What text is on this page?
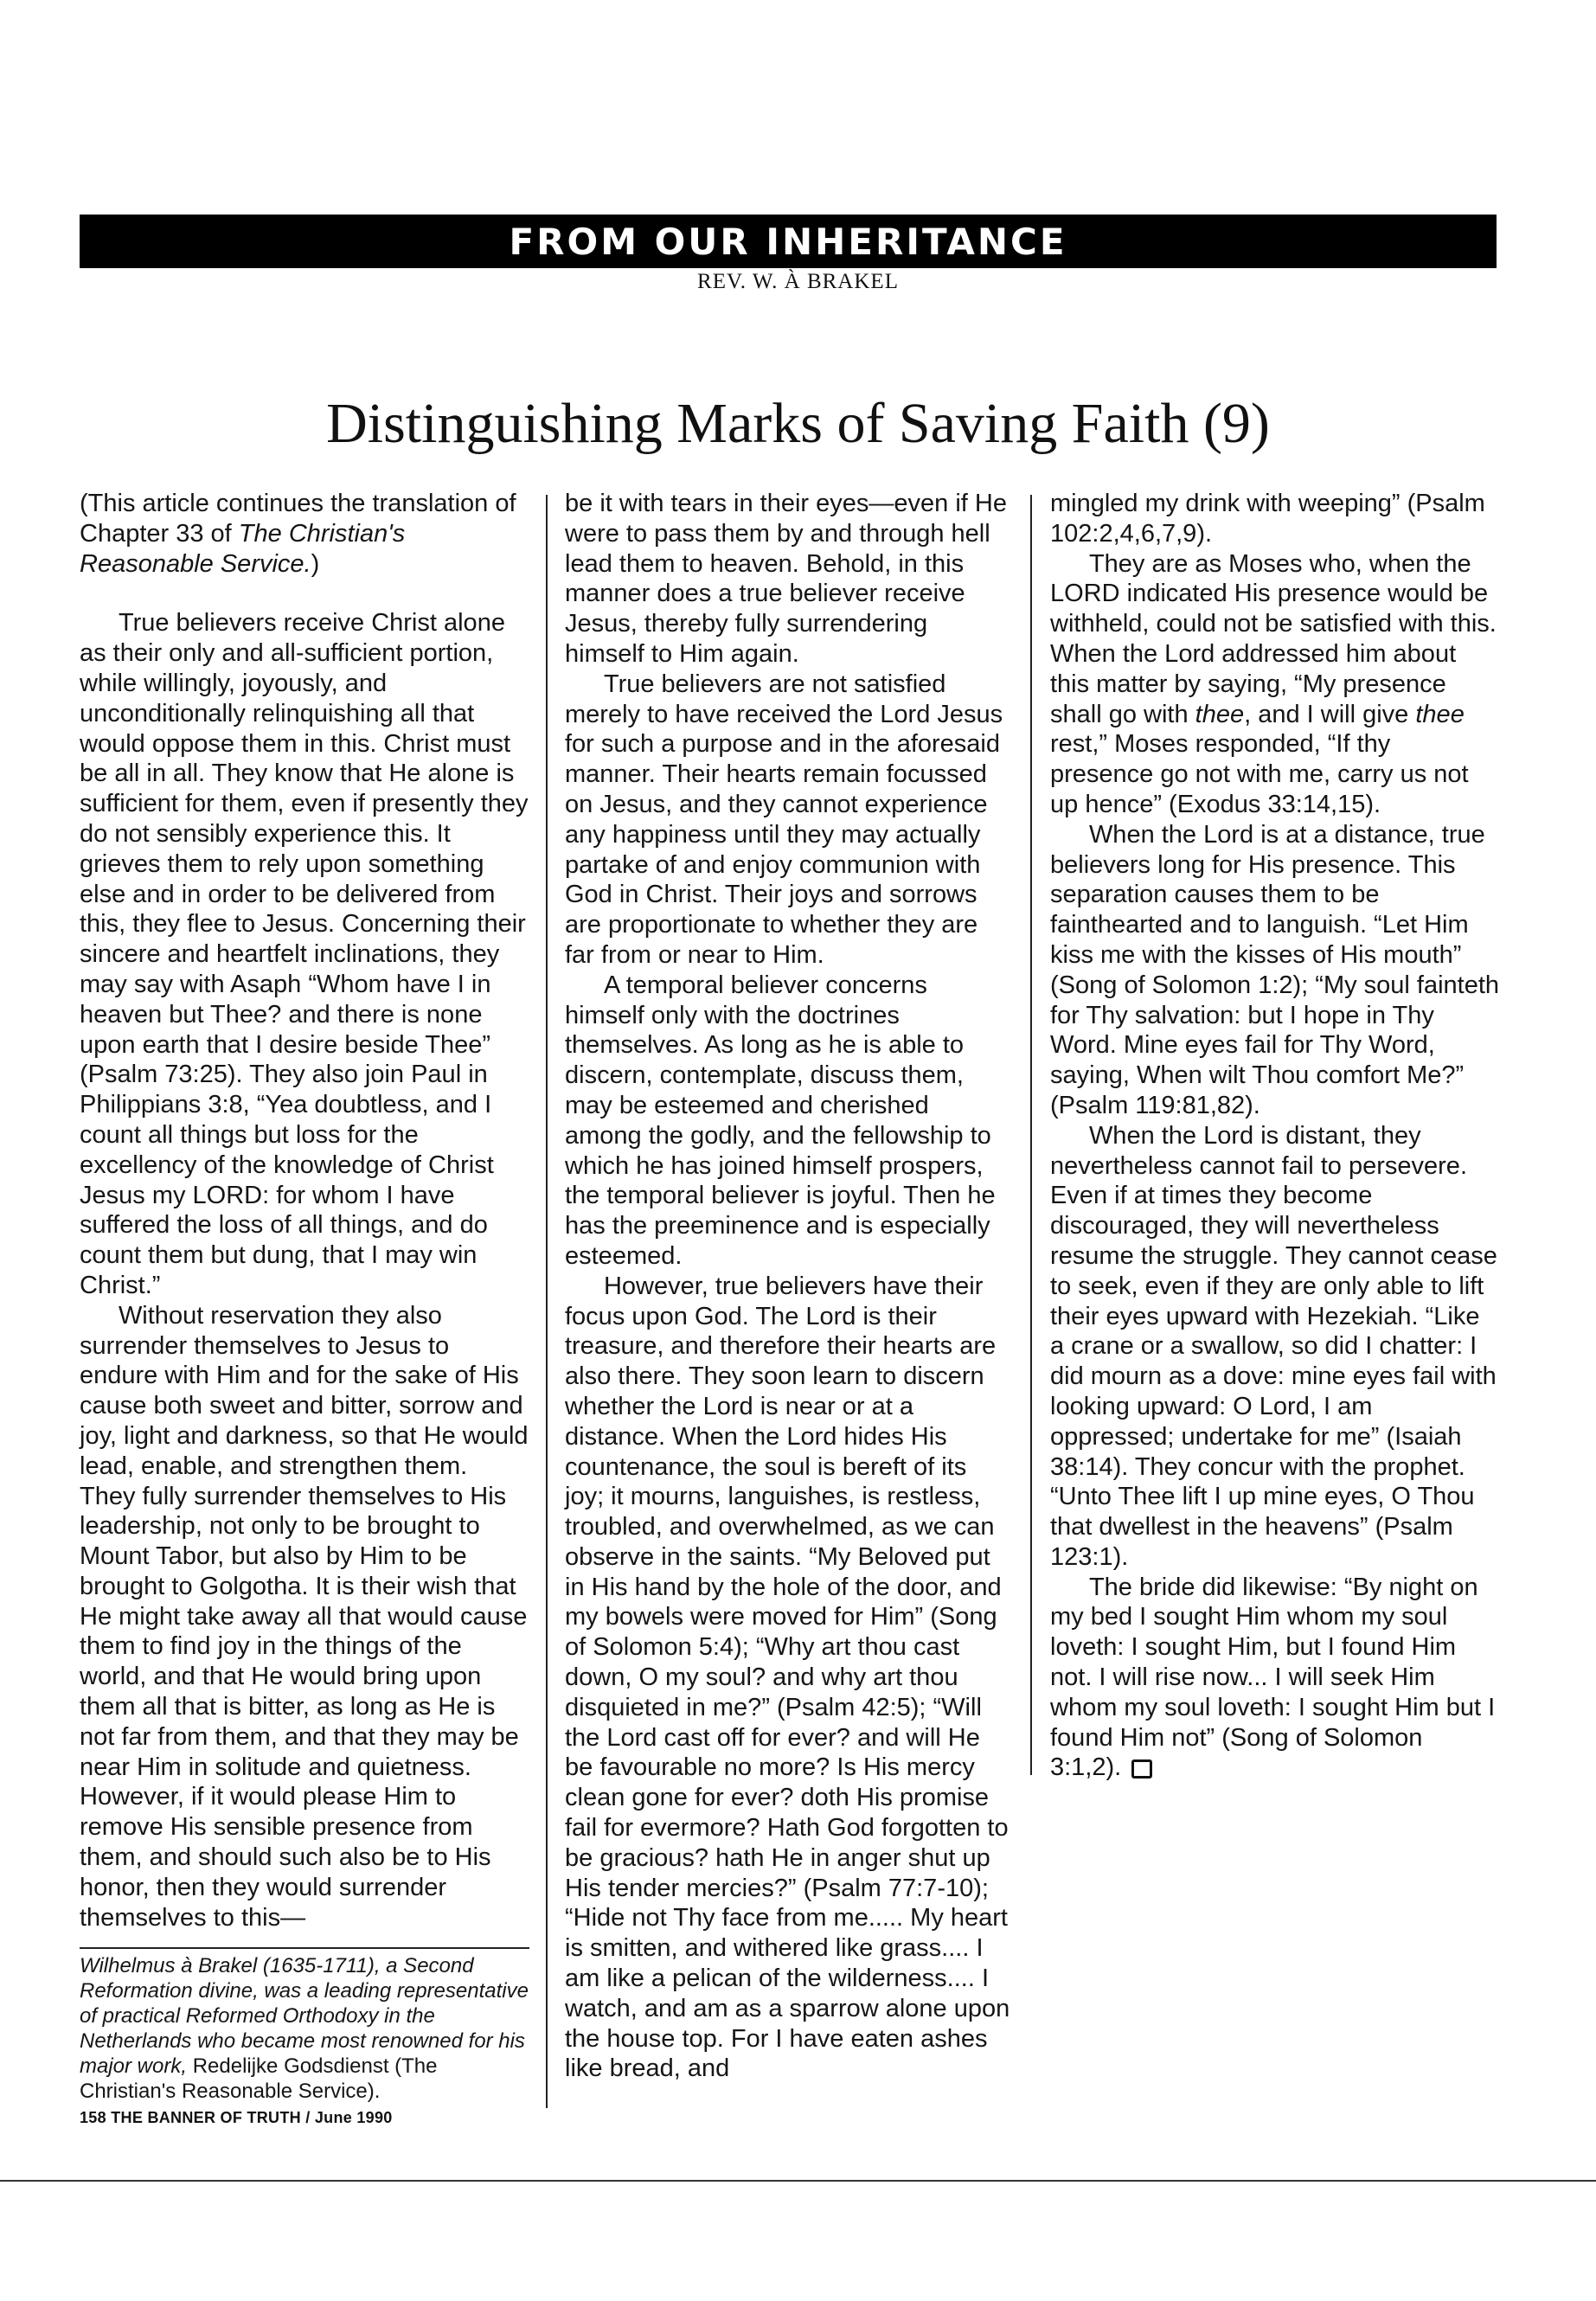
FROM OUR INHERITANCE
REV. W. À BRAKEL
Distinguishing Marks of Saving Faith (9)

(This article continues the translation of Chapter 33 of The Christian's Reasonable Service.)

True believers receive Christ alone as their only and all-sufficient portion, while willingly, joyously, and unconditionally relinquishing all that would oppose them in this. Christ must be all in all. They know that He alone is sufficient for them, even if presently they do not sensibly experience this. It grieves them to rely upon something else and in order to be delivered from this, they flee to Jesus. Concerning their sincere and heartfelt inclinations, they may say with Asaph “Whom have I in heaven but Thee? and there is none upon earth that I desire beside Thee” (Psalm 73:25). They also join Paul in Philippians 3:8, “Yea doubtless, and I count all things but loss for the excellency of the knowledge of Christ Jesus my LORD: for whom I have suffered the loss of all things, and do count them but dung, that I may win Christ.”

Without reservation they also surrender themselves to Jesus to endure with Him and for the sake of His cause both sweet and bitter, sorrow and joy, light and darkness, so that He would lead, enable, and strengthen them. They fully surrender themselves to His leadership, not only to be brought to Mount Tabor, but also by Him to be brought to Golgotha. It is their wish that He might take away all that would cause them to find joy in the things of the world, and that He would bring upon them all that is bitter, as long as He is not far from them, and that they may be near Him in solitude and quietness. However, if it would please Him to remove His sensible presence from them, and should such also be to His honor, then they would surrender themselves to this—

Wilhelmus à Brakel (1635-1711), a Second Reformation divine, was a leading representative of practical Reformed Orthodoxy in the Netherlands who became most renowned for his major work, Redelijke Godsdienst (The Christian's Reasonable Service).

be it with tears in their eyes—even if He were to pass them by and through hell lead them to heaven. Behold, in this manner does a true believer receive Jesus, thereby fully surrendering himself to Him again.

True believers are not satisfied merely to have received the Lord Jesus for such a purpose and in the aforesaid manner. Their hearts remain focussed on Jesus, and they cannot experience any happiness until they may actually partake of and enjoy communion with God in Christ. Their joys and sorrows are proportionate to whether they are far from or near to Him.

A temporal believer concerns himself only with the doctrines themselves. As long as he is able to discern, contemplate, discuss them, may be esteemed and cherished among the godly, and the fellowship to which he has joined himself prospers, the temporal believer is joyful. Then he has the preeminence and is especially esteemed.

However, true believers have their focus upon God. The Lord is their treasure, and therefore their hearts are also there. They soon learn to discern whether the Lord is near or at a distance. When the Lord hides His countenance, the soul is bereft of its joy; it mourns, languishes, is restless, troubled, and overwhelmed, as we can observe in the saints. “My Beloved put in His hand by the hole of the door, and my bowels were moved for Him” (Song of Solomon 5:4); “Why art thou cast down, O my soul? and why art thou disquieted in me?” (Psalm 42:5); “Will the Lord cast off for ever? and will He be favourable no more? Is His mercy clean gone for ever? doth His promise fail for evermore? Hath God forgotten to be gracious? hath He in anger shut up His tender mercies?” (Psalm 77:7-10); “Hide not Thy face from me..... My heart is smitten, and withered like grass.... I am like a pelican of the wilderness.... I watch, and am as a sparrow alone upon the house top. For I have eaten ashes like bread, and

mingled my drink with weeping” (Psalm 102:2,4,6,7,9).

They are as Moses who, when the LORD indicated His presence would be withheld, could not be satisfied with this. When the Lord addressed him about this matter by saying, “My presence shall go with thee, and I will give thee rest,” Moses responded, “If thy presence go not with me, carry us not up hence” (Exodus 33:14,15).

When the Lord is at a distance, true believers long for His presence. This separation causes them to be fainthearted and to languish. “Let Him kiss me with the kisses of His mouth” (Song of Solomon 1:2); “My soul fainteth for Thy salvation: but I hope in Thy Word. Mine eyes fail for Thy Word, saying, When wilt Thou comfort Me?” (Psalm 119:81,82).

When the Lord is distant, they nevertheless cannot fail to persevere. Even if at times they become discouraged, they will nevertheless resume the struggle. They cannot cease to seek, even if they are only able to lift their eyes upward with Hezekiah. “Like a crane or a swallow, so did I chatter: I did mourn as a dove: mine eyes fail with looking upward: O Lord, I am oppressed; undertake for me” (Isaiah 38:14). They concur with the prophet. “Unto Thee lift I up mine eyes, O Thou that dwellest in the heavens” (Psalm 123:1).

The bride did likewise: “By night on my bed I sought Him whom my soul loveth: I sought Him, but I found Him not. I will rise now... I will seek Him whom my soul loveth: I sought Him but I found Him not” (Song of Solomon 3:1,2).

158 THE BANNER OF TRUTH / June 1990
